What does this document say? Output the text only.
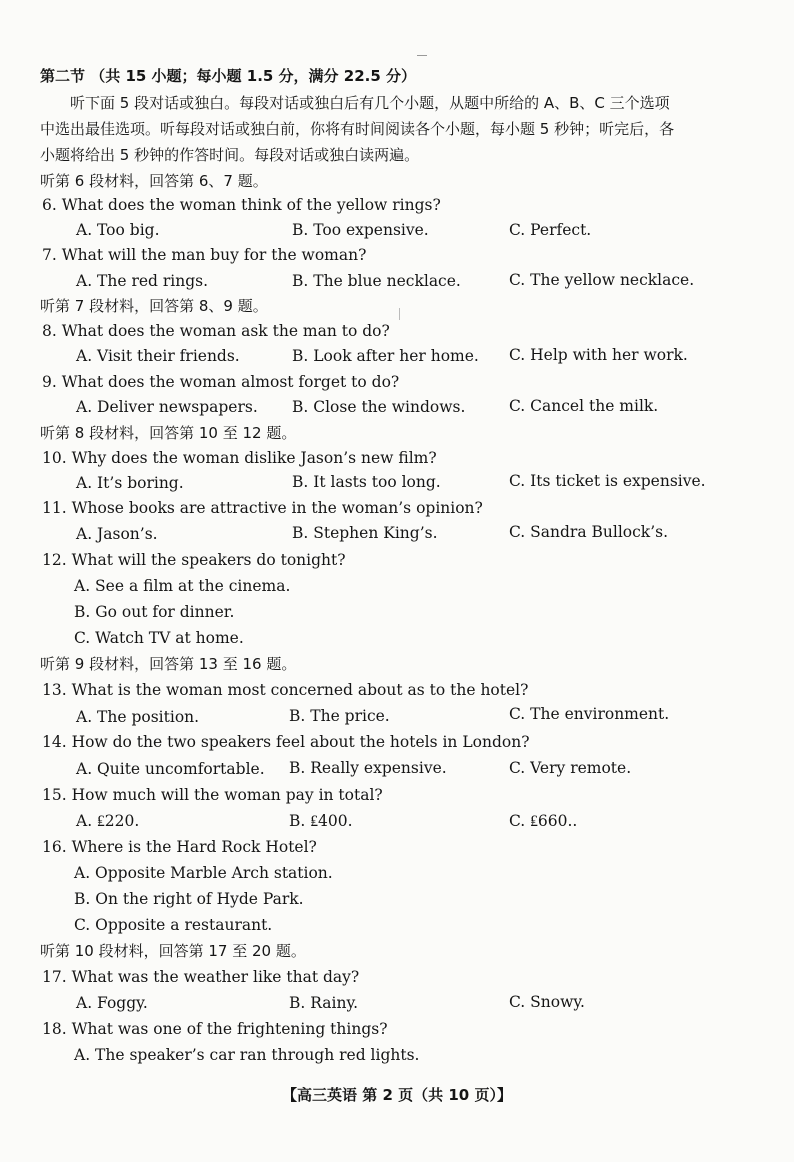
第二节 （共 15 小题；每小题 1.5 分，满分 22.5 分）
听下面 5 段对话或独白。每段对话或独白后有几个小题，从题中所给的 A、B、C 三个选项
中选出最佳选项。听每段对话或独白前，你将有时间阅读各个小题，每小题 5 秒钟；听完后，各
小题将给出 5 秒钟的作答时间。每段对话或独白读两遍。
听第 6 段材料，回答第 6、7 题。
6. What does the woman think of the yellow rings?
A. Too big.	B. Too expensive.	C. Perfect.
7. What will the man buy for the woman?
A. The red rings.	B. The blue necklace.	C. The yellow necklace.
听第 7 段材料，回答第 8、9 题。
8. What does the woman ask the man to do?
A. Visit their friends.	B. Look after her home. C. Help with her work.
9. What does the woman almost forget to do?
A. Deliver newspapers. B. Close the windows.	C. Cancel the milk.
听第 8 段材料，回答第 10 至 12 题。
10. Why does the woman dislike Jason’s new film?
A. It’s boring.	B. It lasts too long.	C. Its ticket is expensive.
11. Whose books are attractive in the woman’s opinion?
A. Jason’s.	B. Stephen King’s.	C. Sandra Bullock’s.
12. What will the speakers do tonight?
A. See a film at the cinema.
B. Go out for dinner.
C. Watch TV at home.
听第 9 段材料，回答第 13 至 16 题。
13. What is the woman most concerned about as to the hotel?
A. The position.	B. The price.	C. The environment.
14. How do the two speakers feel about the hotels in London?
A. Quite uncomfortable. B. Really expensive.	C. Very remote.
15. How much will the woman pay in total?
A. ₤220.	B. ₤400.	C. ₤660..
16. Where is the Hard Rock Hotel?
A. Opposite Marble Arch station.
B. On the right of Hyde Park.
C. Opposite a restaurant.
听第 10 段材料，回答第 17 至 20 题。
17. What was the weather like that day?
A. Foggy.	B. Rainy.	C. Snowy.
18. What was one of the frightening things?
A. The speaker’s car ran through red lights.
【高三英语 第 2 页（共 10 页）】
